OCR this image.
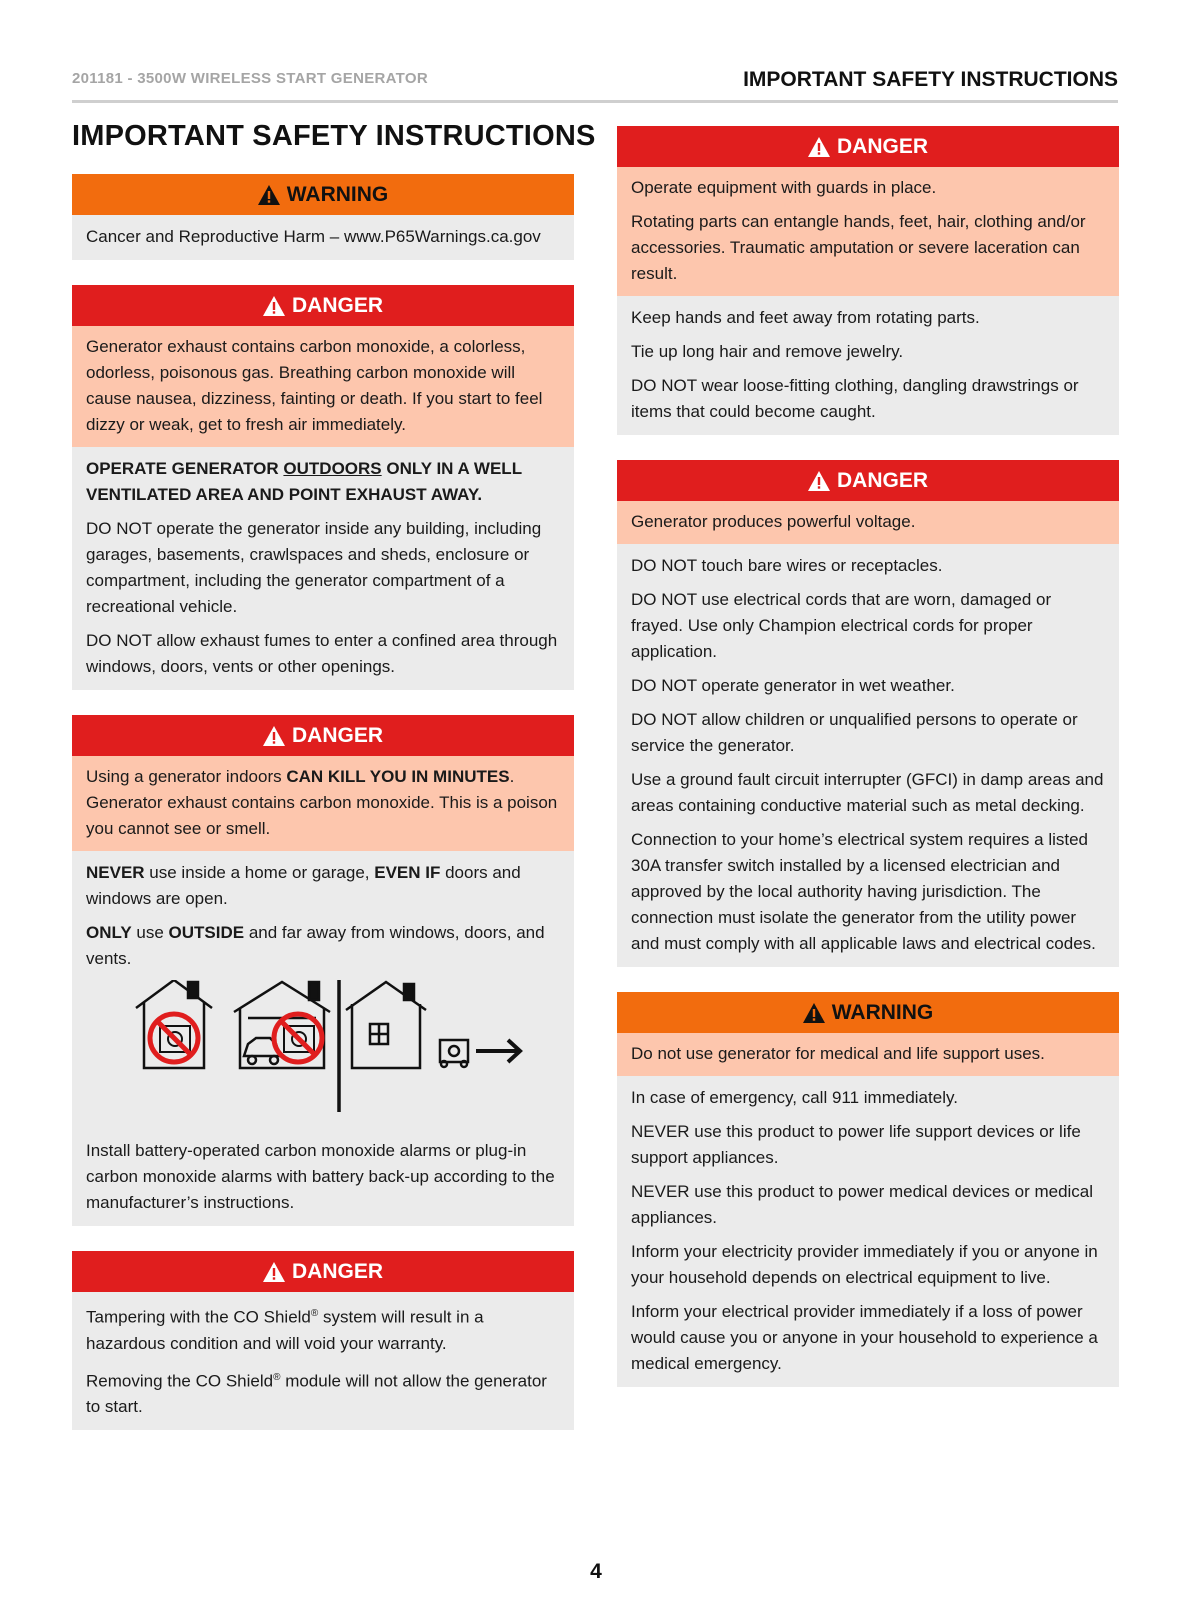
201181 - 3500W WIRELESS START GENERATOR	IMPORTANT SAFETY INSTRUCTIONS
IMPORTANT SAFETY INSTRUCTIONS
WARNING

Cancer and Reproductive Harm – www.P65Warnings.ca.gov

DANGER

Generator exhaust contains carbon monoxide, a colorless, odorless, poisonous gas. Breathing carbon monoxide will cause nausea, dizziness, fainting or death. If you start to feel dizzy or weak, get to fresh air immediately.

OPERATE GENERATOR OUTDOORS ONLY IN A WELL VENTILATED AREA AND POINT EXHAUST AWAY.

DO NOT operate the generator inside any building, including garages, basements, crawlspaces and sheds, enclosure or compartment, including the generator compartment of a recreational vehicle.

DO NOT allow exhaust fumes to enter a confined area through windows, doors, vents or other openings.

DANGER

Using a generator indoors CAN KILL YOU IN MINUTES. Generator exhaust contains carbon monoxide. This is a poison you cannot see or smell.

NEVER use inside a home or garage, EVEN IF doors and windows are open.

ONLY use OUTSIDE and far away from windows, doors, and vents.

Install battery-operated carbon monoxide alarms or plug-in carbon monoxide alarms with battery back-up according to the manufacturer’s instructions.

DANGER

Tampering with the CO Shield® system will result in a hazardous condition and will void your warranty.

Removing the CO Shield® module will not allow the generator to start.

DANGER

Operate equipment with guards in place.

Rotating parts can entangle hands, feet, hair, clothing and/or accessories. Traumatic amputation or severe laceration can result.

Keep hands and feet away from rotating parts.

Tie up long hair and remove jewelry.

DO NOT wear loose-fitting clothing, dangling drawstrings or items that could become caught.

DANGER

Generator produces powerful voltage.

DO NOT touch bare wires or receptacles.

DO NOT use electrical cords that are worn, damaged or frayed. Use only Champion electrical cords for proper application.

DO NOT operate generator in wet weather.

DO NOT allow children or unqualified persons to operate or service the generator.

Use a ground fault circuit interrupter (GFCI) in damp areas and areas containing conductive material such as metal decking.

Connection to your home’s electrical system requires a listed 30A transfer switch installed by a licensed electrician and approved by the local authority having jurisdiction. The connection must isolate the generator from the utility power and must comply with all applicable laws and electrical codes.

WARNING

Do not use generator for medical and life support uses.

In case of emergency, call 911 immediately.

NEVER use this product to power life support devices or life support appliances.

NEVER use this product to power medical devices or medical appliances.

Inform your electricity provider immediately if you or anyone in your household depends on electrical equipment to live.

Inform your electrical provider immediately if a loss of power would cause you or anyone in your household to experience a medical emergency.

4
